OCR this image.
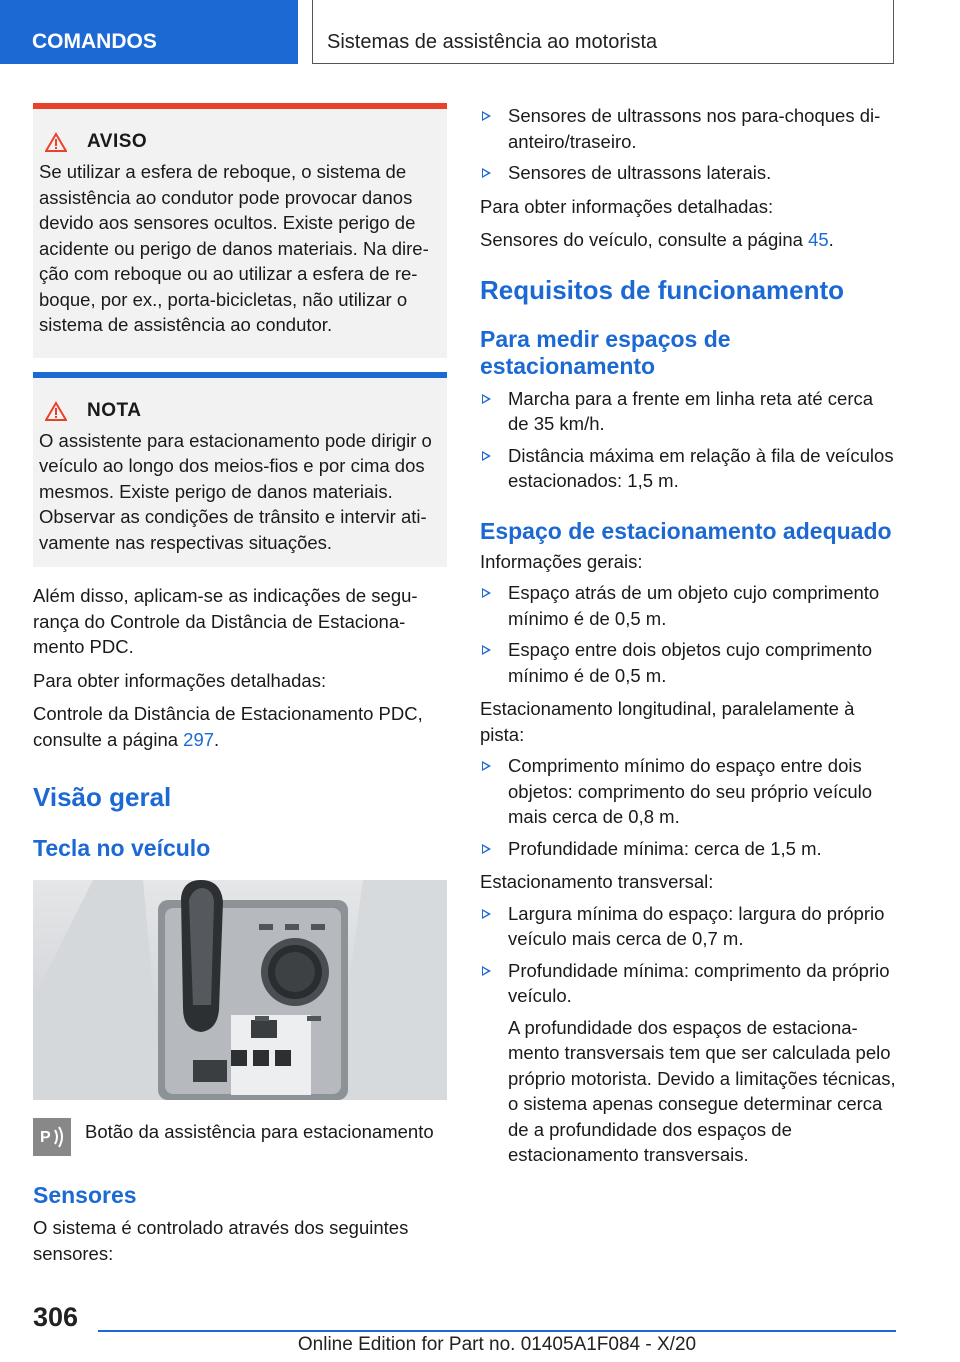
COMANDOS	Sistemas de assistência ao motorista
AVISO
Se utilizar a esfera de reboque, o sistema de assistência ao condutor pode provocar danos devido aos sensores ocultos. Existe perigo de acidente ou perigo de danos materiais. Na direção com reboque ou ao utilizar a esfera de reboque, por ex., porta-bicicletas, não utilizar o sistema de assistência ao condutor.
NOTA
O assistente para estacionamento pode dirigir o veículo ao longo dos meios-fios e por cima dos mesmos. Existe perigo de danos materiais. Observar as condições de trânsito e intervir ativamente nas respectivas situações.

Além disso, aplicam-se as indicações de segurança do Controle da Distância de Estacionamento PDC.

Para obter informações detalhadas:

Controle da Distância de Estacionamento PDC, consulte a página 297.

Visão geral
Tecla no veículo
P Botão da assistência para estacionamento
Sensores

O sistema é controlado através dos seguintes sensores:

Sensores de ultrassons nos para-choques dianteiro/traseiro.
Sensores de ultrassons laterais.

Para obter informações detalhadas:

Sensores do veículo, consulte a página 45.

Requisitos de funcionamento
Para medir espaços de estacionamento
Marcha para a frente em linha reta até cerca de 35 km/h.
Distância máxima em relação à fila de veículos estacionados: 1,5 m.
Espaço de estacionamento adequado

Informações gerais:

Espaço atrás de um objeto cujo comprimento mínimo é de 0,5 m.
Espaço entre dois objetos cujo comprimento mínimo é de 0,5 m.

Estacionamento longitudinal, paralelamente à pista:

Comprimento mínimo do espaço entre dois objetos: comprimento do seu próprio veículo mais cerca de 0,8 m.
Profundidade mínima: cerca de 1,5 m.

Estacionamento transversal:

Largura mínima do espaço: largura do próprio veículo mais cerca de 0,7 m.
Profundidade mínima: comprimento da próprio veículo.

A profundidade dos espaços de estacionamento transversais tem que ser calculada pelo próprio motorista. Devido a limitações técnicas, o sistema apenas consegue determinar cerca de a profundidade dos espaços de estacionamento transversais.

306
Online Edition for Part no. 01405A1F084 - X/20
